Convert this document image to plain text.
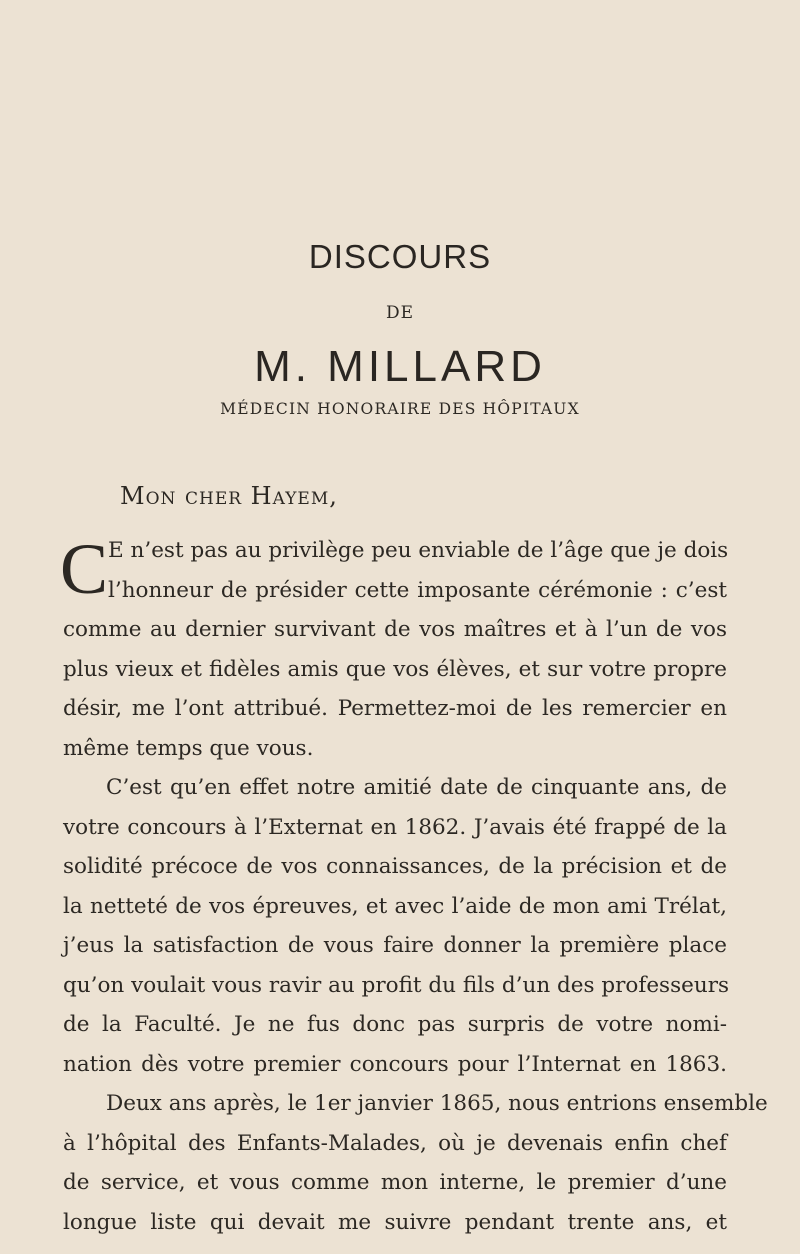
DISCOURS
DE
M. MILLARD
MÉDECIN HONORAIRE DES HÔPITAUX
Mon cher Hayem,
C E n’est pas au privilège peu enviable de l’âge que je dois
l’honneur de présider cette imposante cérémonie : c’est
comme au dernier survivant de vos maîtres et à l’un de vos
plus vieux et fidèles amis que vos élèves, et sur votre propre
désir, me l’ont attribué. Permettez-moi de les remercier en
même temps que vous.
C’est qu’en effet notre amitié date de cinquante ans, de
votre concours à l’Externat en 1862. J’avais été frappé de la
solidité précoce de vos connaissances, de la précision et de
la netteté de vos épreuves, et avec l’aide de mon ami Trélat,
j’eus la satisfaction de vous faire donner la première place
qu’on voulait vous ravir au profit du fils d’un des professeurs
de la Faculté. Je ne fus donc pas surpris de votre nomi-
nation dès votre premier concours pour l’Internat en 1863.
Deux ans après, le 1er janvier 1865, nous entrions ensemble
à l’hôpital des Enfants-Malades, où je devenais enfin chef
de service, et vous comme mon interne, le premier d’une
longue liste qui devait me suivre pendant trente ans, et
